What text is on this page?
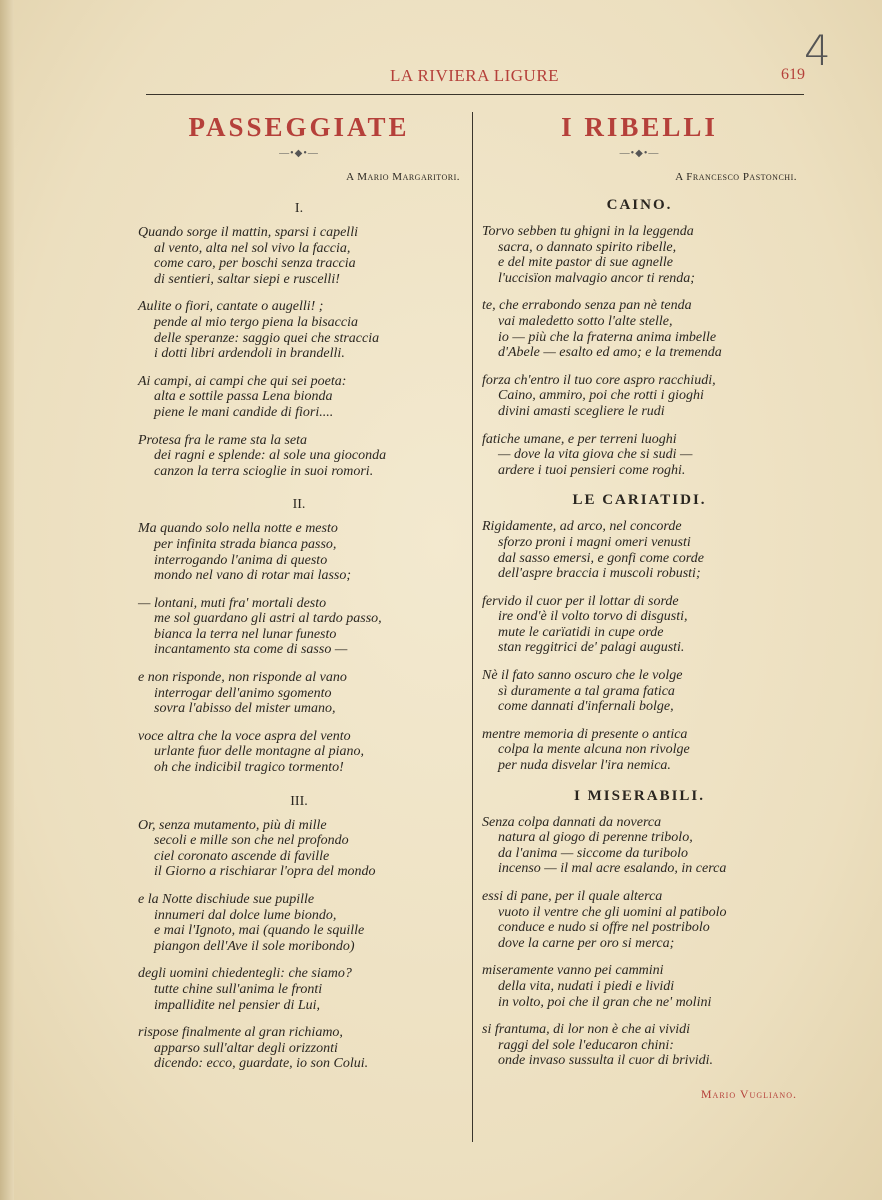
4
LA RIVIERA LIGURE	619
PASSEGGIATE
—•◆•—
A Mario Margaritori.
I.
Quando sorge il mattin, sparsi i capelli
al vento, alta nel sol vivo la faccia,
come caro, per boschi senza traccia
di sentieri, saltar siepi e ruscelli!
Aulite o fiori, cantate o augelli! ;
pende al mio tergo piena la bisaccia
delle speranze: saggio quei che straccia
i dotti libri ardendoli in brandelli.
Ai campi, ai campi che qui sei poeta:
alta e sottile passa Lena bionda
piene le mani candide di fiori....
Protesa fra le rame sta la seta
dei ragni e splende: al sole una gioconda
canzon la terra scioglie in suoi romori.
II.
Ma quando solo nella notte e mesto
per infinita strada bianca passo,
interrogando l'anima di questo
mondo nel vano di rotar mai lasso;
— lontani, muti fra' mortali desto
me sol guardano gli astri al tardo passo,
bianca la terra nel lunar funesto
incantamento sta come di sasso —
e non risponde, non risponde al vano
interrogar dell'animo sgomento
sovra l'abisso del mister umano,
voce altra che la voce aspra del vento
urlante fuor delle montagne al piano,
oh che indicibil tragico tormento!
III.
Or, senza mutamento, più di mille
secoli e mille son che nel profondo
ciel coronato ascende di faville
il Giorno a rischiarar l'opra del mondo
e la Notte dischiude sue pupille
innumeri dal dolce lume biondo,
e mai l'Ignoto, mai (quando le squille
piangon dell'Ave il sole moribondo)
degli uomini chiedentegli: che siamo?
tutte chine sull'anima le fronti
impallidite nel pensier di Lui,
rispose finalmente al gran richiamo,
apparso sull'altar degli orizzonti
dicendo: ecco, guardate, io son Colui.
I RIBELLI
—•◆•—
A Francesco Pastonchi.
CAINO.
Torvo sebben tu ghigni in la leggenda
sacra, o dannato spirito ribelle,
e del mite pastor di sue agnelle
l'uccisïon malvagio ancor ti renda;
te, che errabondo senza pan nè tenda
vai maledetto sotto l'alte stelle,
io — più che la fraterna anima imbelle
d'Abele — esalto ed amo; e la tremenda
forza ch'entro il tuo core aspro racchiudi,
Caino, ammiro, poi che rotti i gioghi
divini amasti scegliere le rudi
fatiche umane, e per terreni luoghi
— dove la vita giova che si sudi —
ardere i tuoi pensieri come roghi.
LE CARIATIDI.
Rigidamente, ad arco, nel concorde
sforzo proni i magni omeri venusti
dal sasso emersi, e gonfi come corde
dell'aspre braccia i muscoli robusti;
fervido il cuor per il lottar di sorde
ire ond'è il volto torvo di disgusti,
mute le carïatidi in cupe orde
stan reggitrici de' palagi augusti.
Nè il fato sanno oscuro che le volge
sì duramente a tal grama fatica
come dannati d'infernali bolge,
mentre memoria di presente o antica
colpa la mente alcuna non rivolge
per nuda disvelar l'ira nemica.
I MISERABILI.
Senza colpa dannati da noverca
natura al giogo di perenne tribolo,
da l'anima — siccome da turibolo
incenso — il mal acre esalando, in cerca
essi di pane, per il quale alterca
vuoto il ventre che gli uomini al patibolo
conduce e nudo si offre nel postribolo
dove la carne per oro si merca;
miseramente vanno pei cammini
della vita, nudati i piedi e lividi
in volto, poi che il gran che ne' molini
si frantuma, di lor non è che ai vividi
raggi del sole l'educaron chini:
onde invaso sussulta il cuor di brividi.
Mario Vugliano.
